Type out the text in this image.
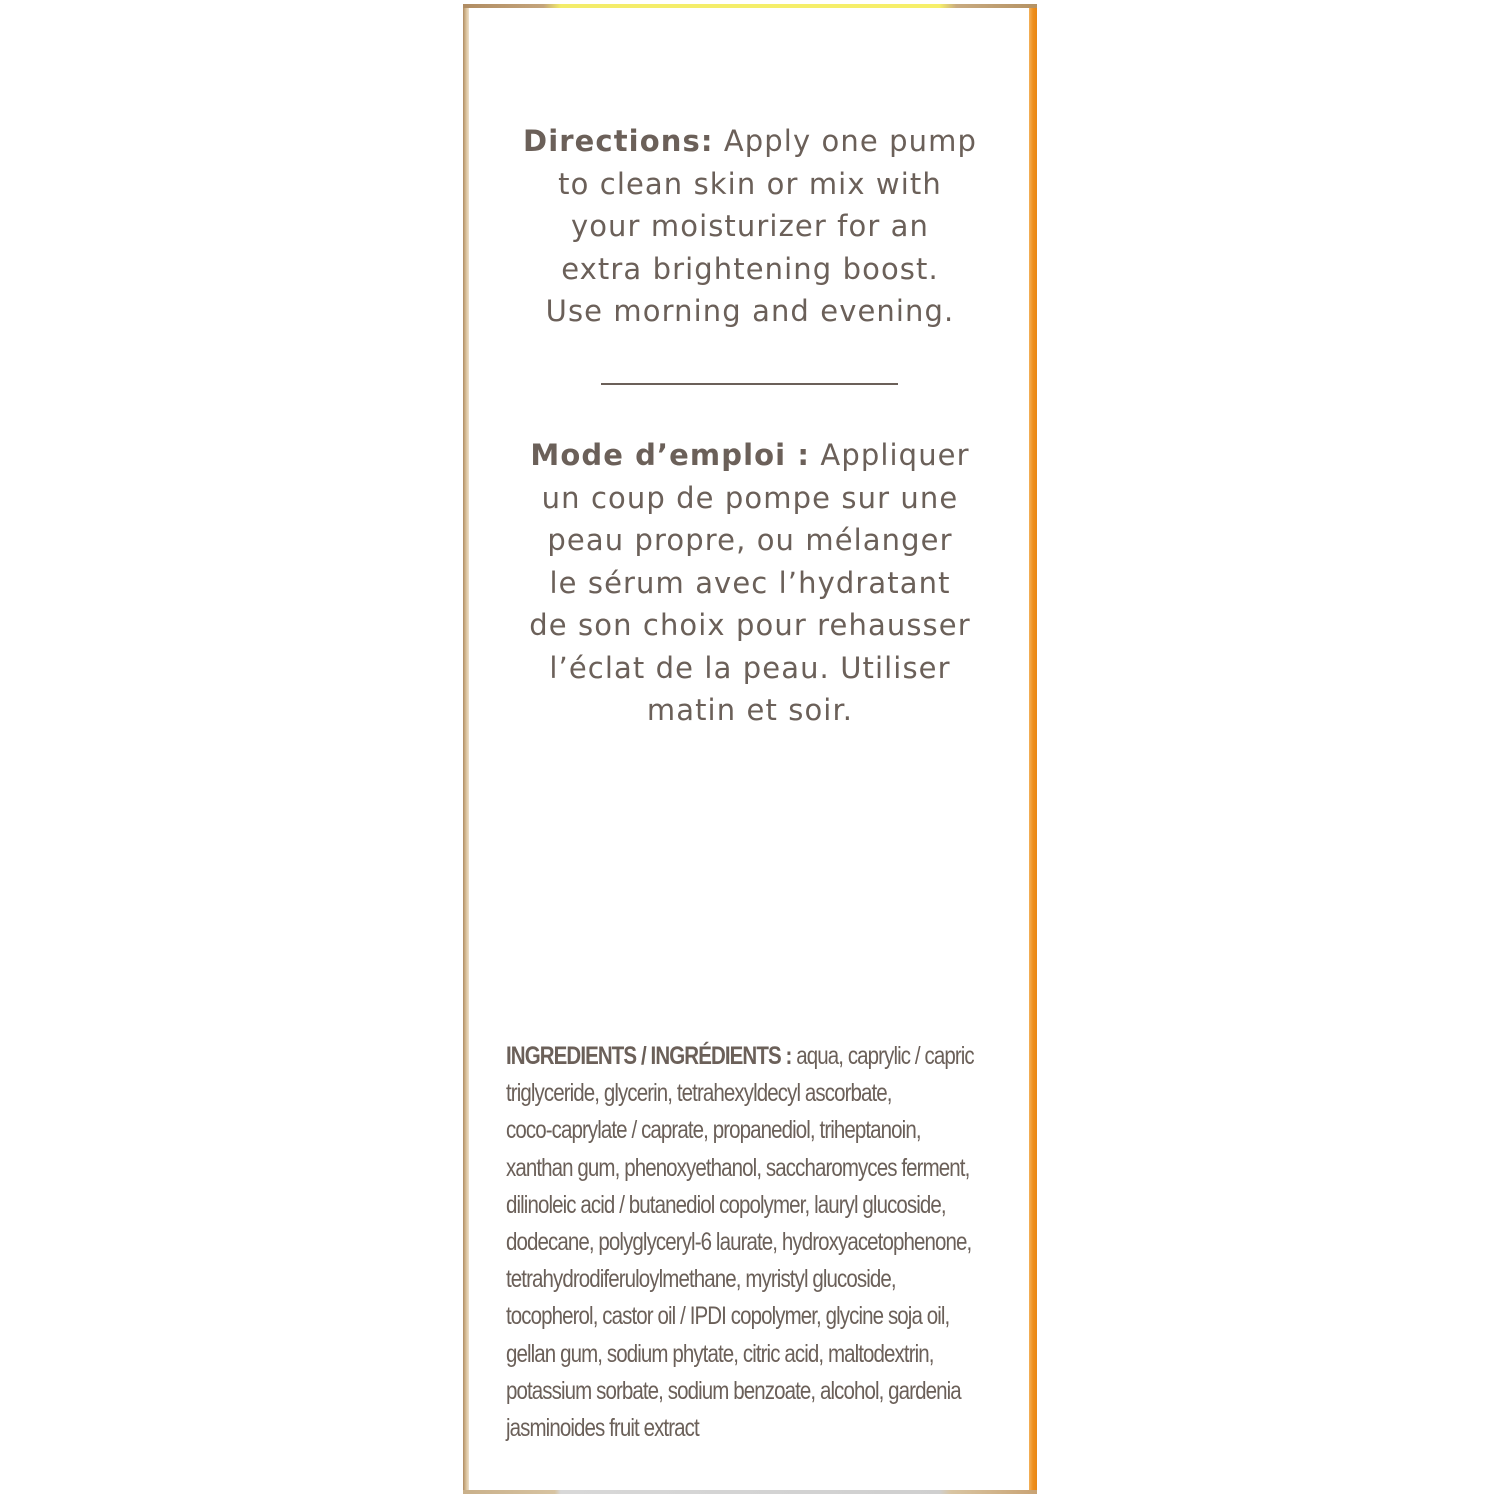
Directions: Apply one pump
to clean skin or mix with
your moisturizer for an
extra brightening boost.
Use morning and evening.
Mode d’emploi : Appliquer
un coup de pompe sur une
peau propre, ou mélanger
le sérum avec l’hydratant
de son choix pour rehausser
l’éclat de la peau. Utiliser
matin et soir.
INGREDIENTS / INGRÉDIENTS : aqua, caprylic / capric
triglyceride, glycerin, tetrahexyldecyl ascorbate,
coco-caprylate / caprate, propanediol, triheptanoin,
xanthan gum, phenoxyethanol, saccharomyces ferment,
dilinoleic acid / butanediol copolymer, lauryl glucoside,
dodecane, polyglyceryl-6 laurate, hydroxyacetophenone,
tetrahydrodiferuloylmethane, myristyl glucoside,
tocopherol, castor oil / IPDI copolymer, glycine soja oil,
gellan gum, sodium phytate, citric acid, maltodextrin,
potassium sorbate, sodium benzoate, alcohol, gardenia
jasminoides fruit extract
